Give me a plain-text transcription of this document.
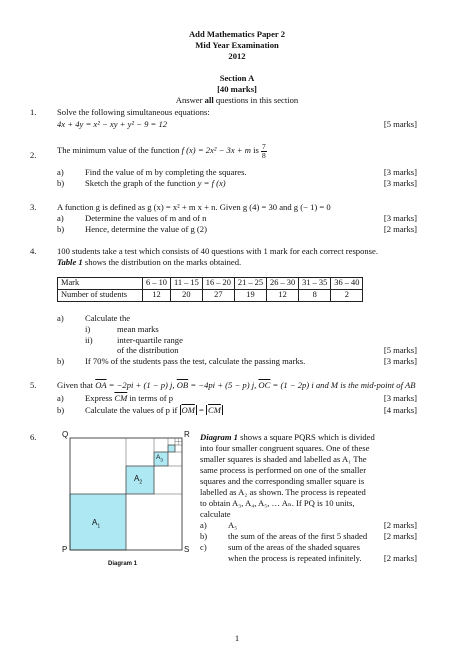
Add Mathematics Paper 2
Mid Year Examination
2012
Section A
[40 marks]
Answer all questions in this section
1. Solve the following simultaneous equations:
4x + 4y = x² − xy + y² − 9 = 12	[5 marks]
2.
The minimum value of the function f (x) = 2x² − 3x + m is $\frac{7}{8}$
a) Find the value of m by completing the squares.	[3 marks]
b) Sketch the graph of the function y = f (x)	[3 marks]
3. A function g is defined as g (x) = x² + m x + n. Given g (4) = 30 and g (− 1) = 0
a) Determine the values of m and of n	[3 marks]
b) Hence, determine the value of g (2)	[2 marks]
4. 100 students take a test which consists of 40 questions with 1 mark for each correct response.
Table 1 shows the distribution on the marks obtained.
Mark	6 – 10	11 – 15	16 – 20	21 – 25	26 – 30	31 – 35	36 – 40
Number of students	12	20	27	19	12	8	2
a) Calculate the
i)	mean marks
ii)	inter-quartile range
of the distribution	[5 marks]
b) If 70% of the students pass the test, calculate the passing marks.	[3 marks]
5. Given that $\overline{OA} = -2pi + (1 - p)$ j, $\overline{OB} = -4pi + (5 - p)$ j, $\overline{OC} = (1 - 2p)$ i and M is the mid-point of AB
a) Express $\overline{CM}$ in terms of p	[3 marks]
b) Calculate the values of p if $\overline{OM} = \overline{CM}$	[4 marks]
6.	Q	R
P	S
$A_1$
$A_2$
$A_3$
Diagram 1
Diagram 1 shows a square PQRS which is divided
into four smaller congruent squares. One of these
smaller squares is shaded and labelled as A₁ The
same process is performed on one of the smaller
squares and the corresponding smaller square is
labelled as A₂ as shown. The process is repeated
to obtain A₃, A₄, A₅, … Aₙ. If PQ is 10 units,
calculate
a) A₅	[2 marks]
b) the sum of the areas of the first 5 shaded [2 marks]
c) sum of the areas of the shaded squares
when the process is repeated infinitely.	[2 marks]
1
